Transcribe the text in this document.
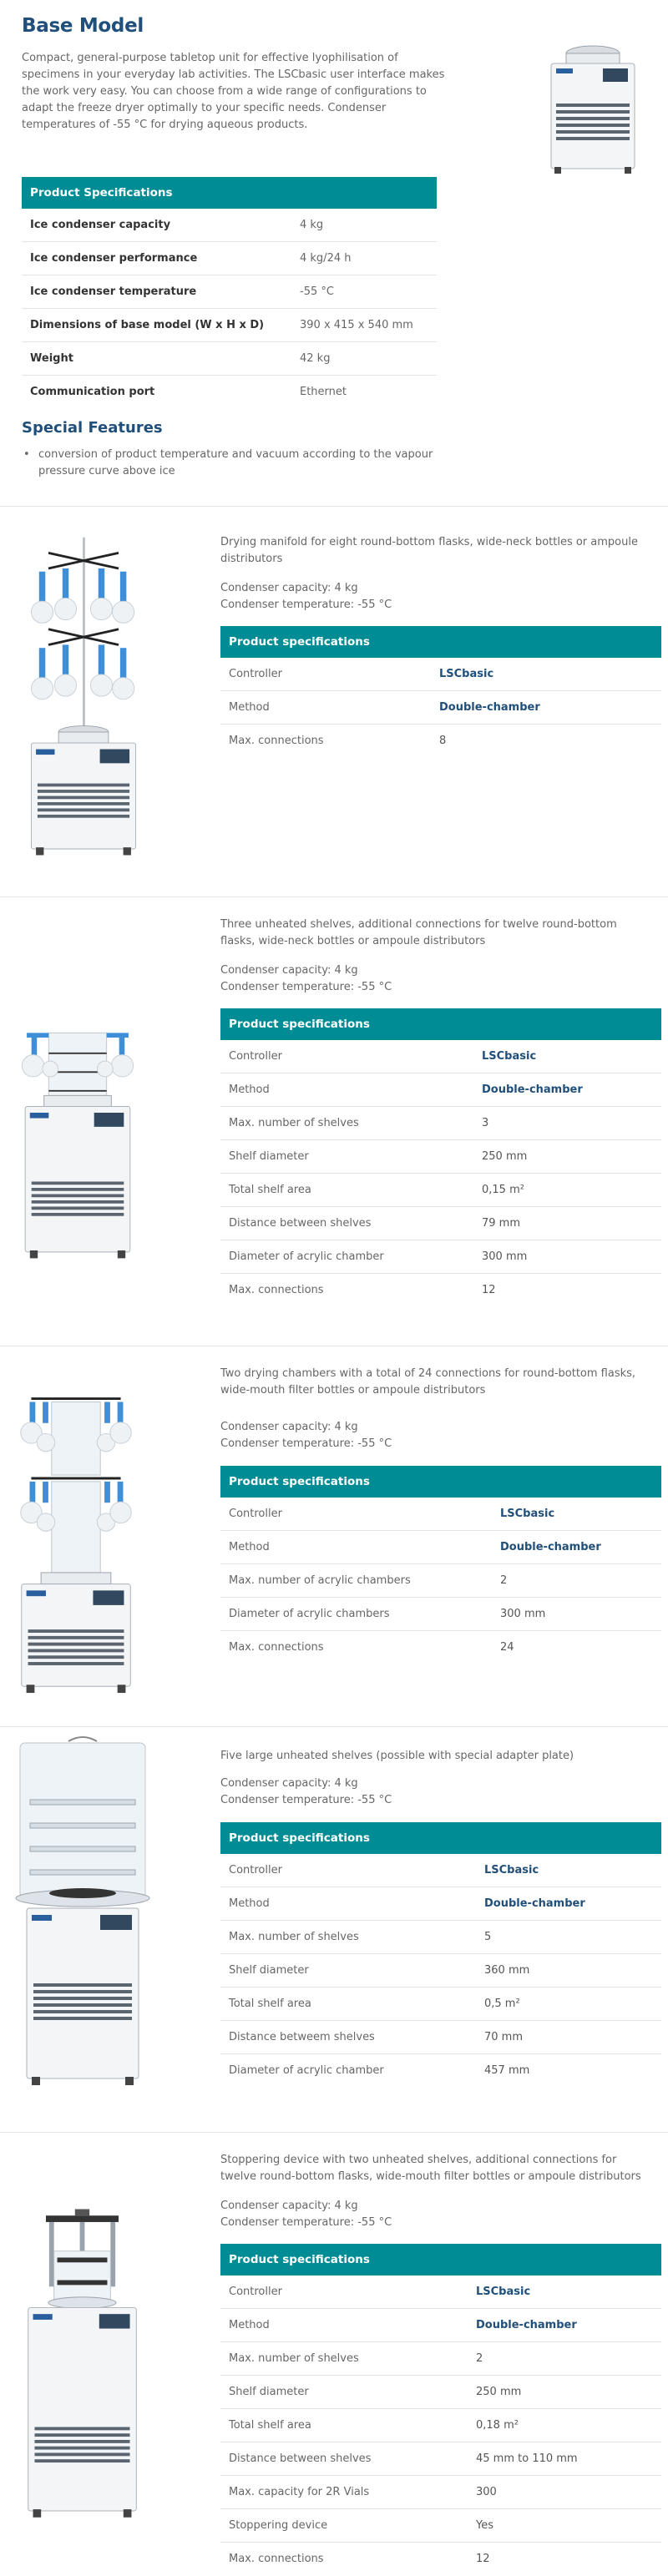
Base Model
Compact, general-purpose tabletop unit for effective lyophilisation of specimens in your everyday lab activities. The LSCbasic user interface makes the work very easy. You can choose from a wide range of configurations to adapt the freeze dryer optimally to your specific needs. Condenser temperatures of -55 °C for drying aqueous products.
Product Specifications
Ice condenser capacity	4 kg
Ice condenser performance	4 kg/24 h
Ice condenser temperature	-55 °C
Dimensions of base model (W x H x D)	390 x 415 x 540 mm
Weight	42 kg
Communication port	Ethernet
Special Features
• conversion of product temperature and vacuum according to the vapour pressure curve above ice
Drying manifold for eight round-bottom flasks, wide-neck bottles or ampoule distributors
Condenser capacity: 4 kg
Condenser temperature: -55 °C
Product specifications
Controller	LSCbasic
Method	Double-chamber
Max. connections	8
Three unheated shelves, additional connections for twelve round-bottom flasks, wide-neck bottles or ampoule distributors
Condenser capacity: 4 kg
Condenser temperature: -55 °C
Product specifications
Controller	LSCbasic
Method	Double-chamber
Max. number of shelves	3
Shelf diameter	250 mm
Total shelf area	0,15 m²
Distance between shelves	79 mm
Diameter of acrylic chamber	300 mm
Max. connections	12
Two drying chambers with a total of 24 connections for round-bottom flasks, wide-mouth filter bottles or ampoule distributors
Condenser capacity: 4 kg
Condenser temperature: -55 °C
Product specifications
Controller	LSCbasic
Method	Double-chamber
Max. number of acrylic chambers	2
Diameter of acrylic chambers	300 mm
Max. connections	24
Five large unheated shelves (possible with special adapter plate)
Condenser capacity: 4 kg
Condenser temperature: -55 °C
Product specifications
Controller	LSCbasic
Method	Double-chamber
Max. number of shelves	5
Shelf diameter	360 mm
Total shelf area	0,5 m²
Distance betweem shelves	70 mm
Diameter of acrylic chamber	457 mm
Stoppering device with two unheated shelves, additional connections for twelve round-bottom flasks, wide-mouth filter bottles or ampoule distributors
Condenser capacity: 4 kg
Condenser temperature: -55 °C
Product specifications
Controller	LSCbasic
Method	Double-chamber
Max. number of shelves	2
Shelf diameter	250 mm
Total shelf area	0,18 m²
Distance between shelves	45 mm to 110 mm
Max. capacity for 2R Vials	300
Stoppering device	Yes
Max. connections	12
